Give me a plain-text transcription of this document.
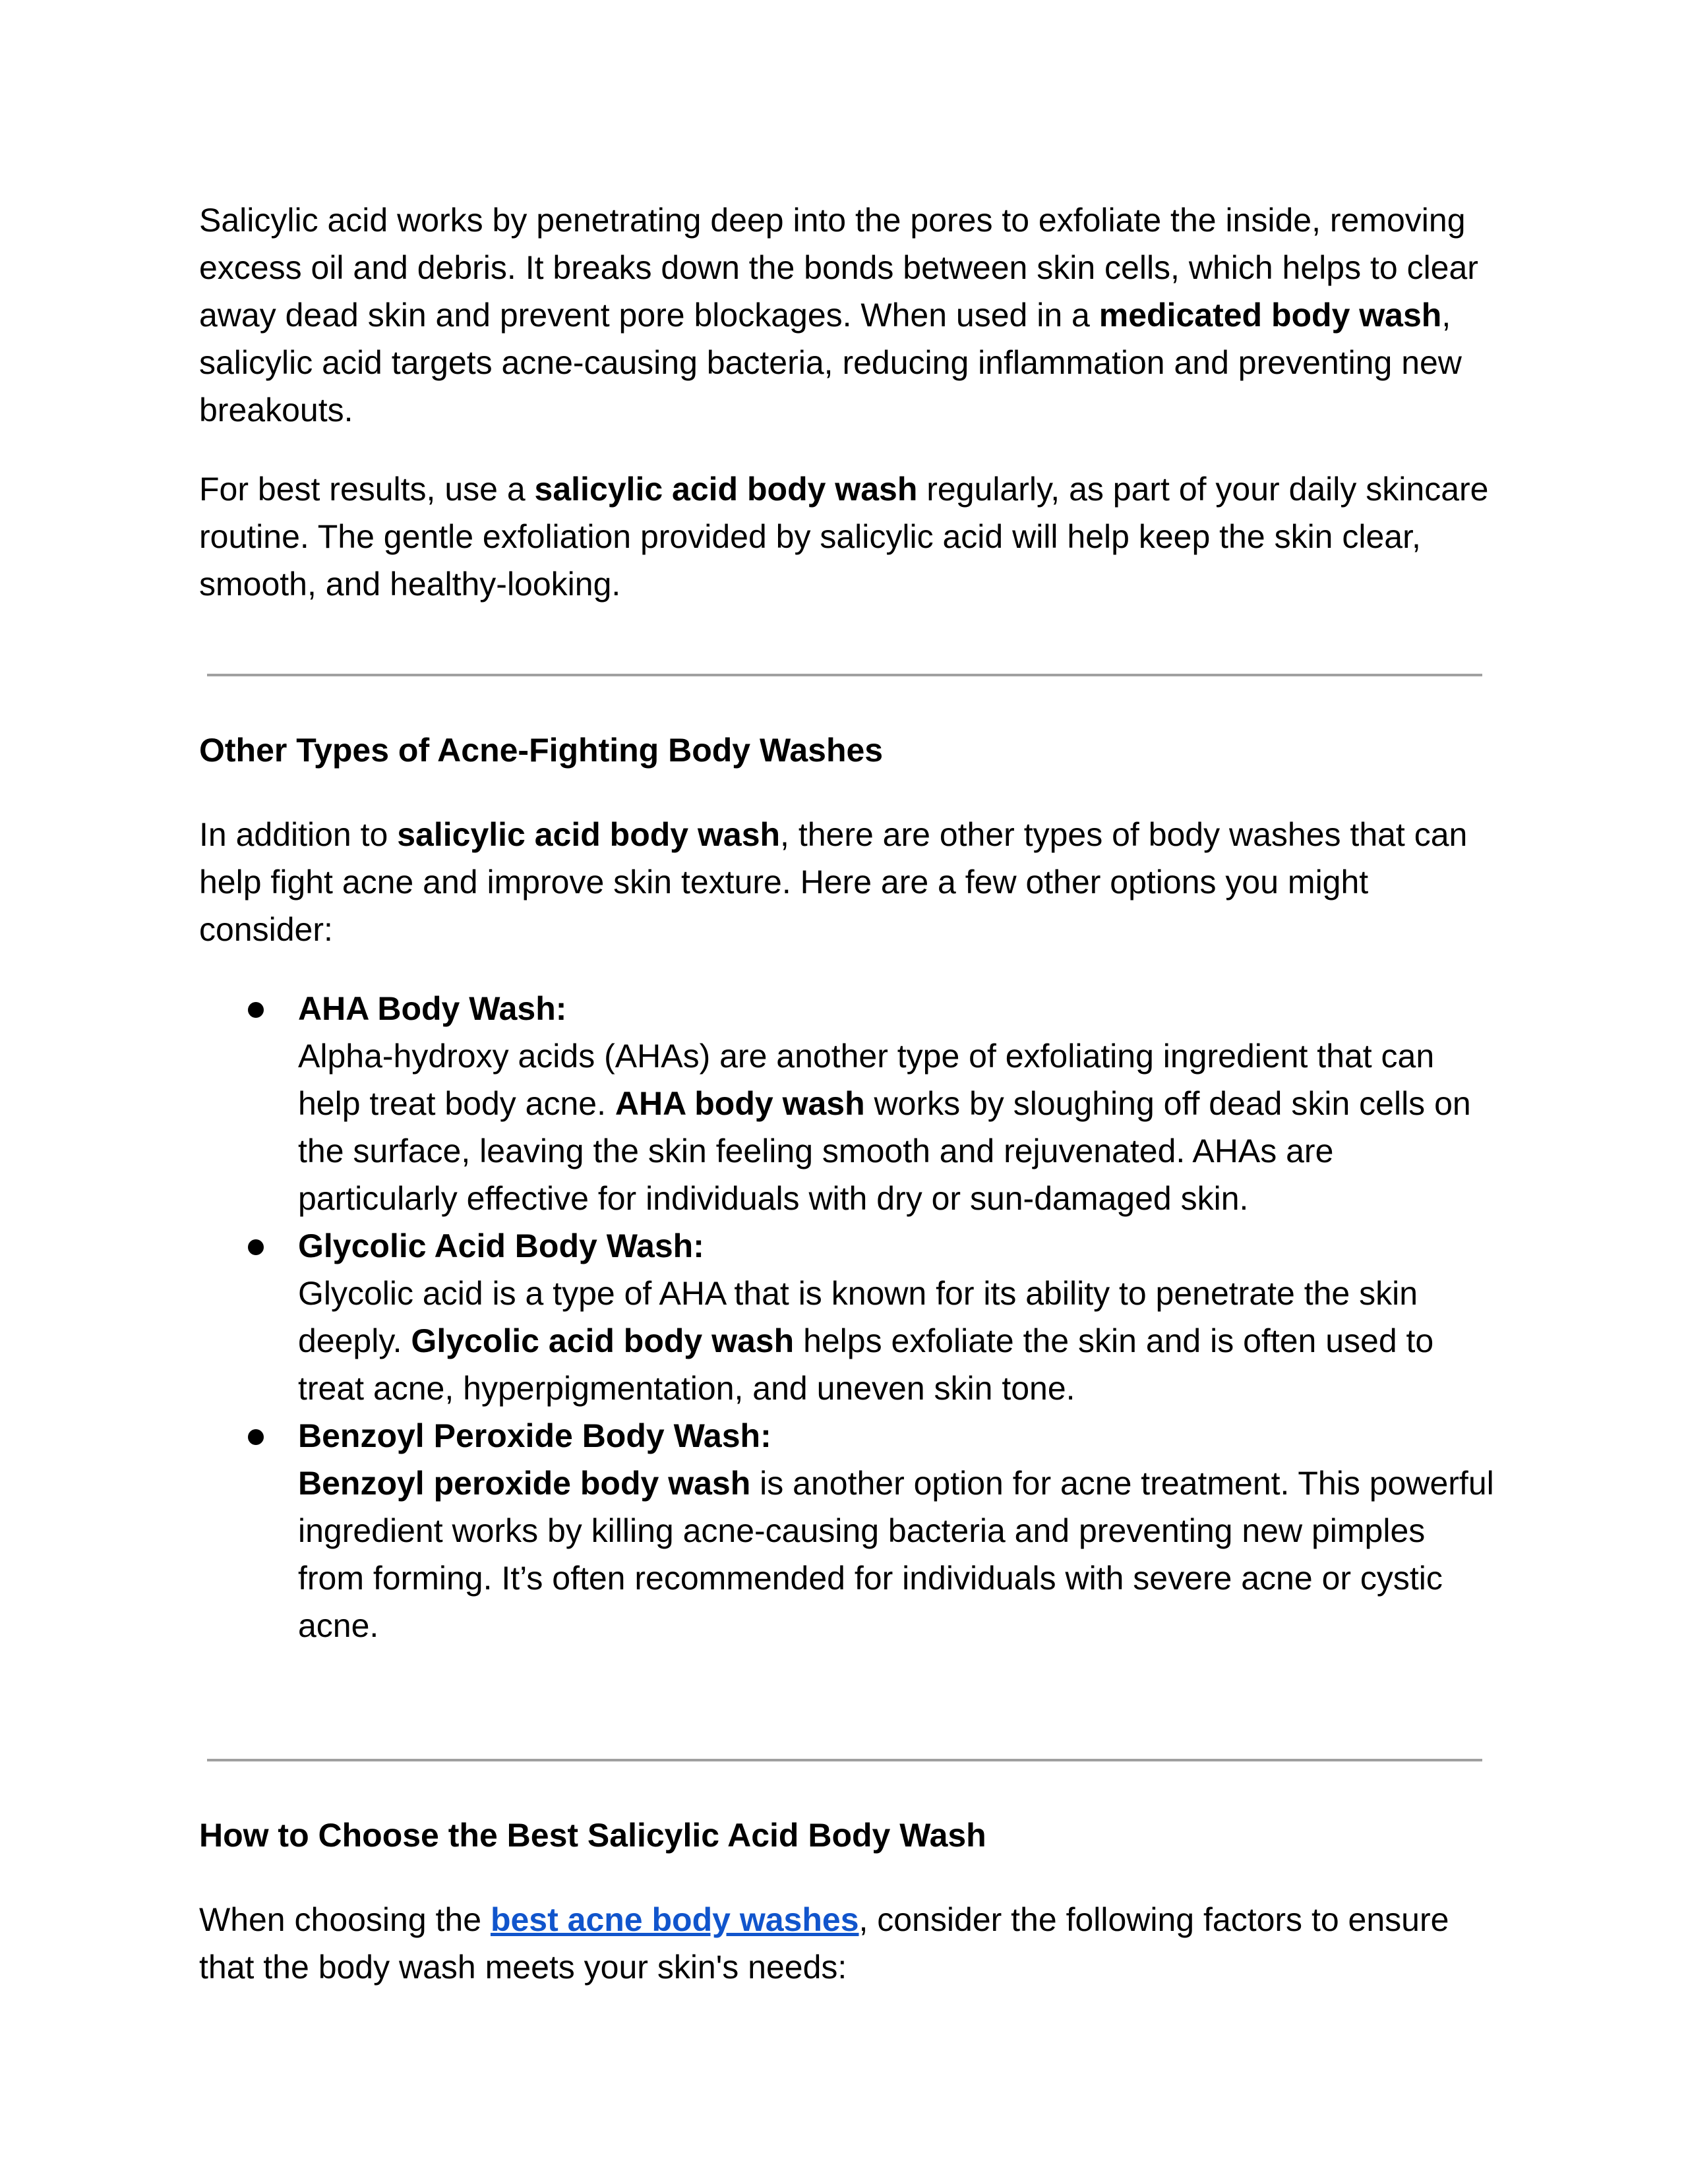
Salicylic acid works by penetrating deep into the pores to exfoliate the inside, removing excess oil and debris. It breaks down the bonds between skin cells, which helps to clear away dead skin and prevent pore blockages. When used in a medicated body wash, salicylic acid targets acne-causing bacteria, reducing inflammation and preventing new breakouts.

For best results, use a salicylic acid body wash regularly, as part of your daily skincare routine. The gentle exfoliation provided by salicylic acid will help keep the skin clear, smooth, and healthy-looking.

Other Types of Acne-Fighting Body Washes

In addition to salicylic acid body wash, there are other types of body washes that can help fight acne and improve skin texture. Here are a few other options you might consider:

AHA Body Wash:
Alpha-hydroxy acids (AHAs) are another type of exfoliating ingredient that can help treat body acne. AHA body wash works by sloughing off dead skin cells on the surface, leaving the skin feeling smooth and rejuvenated. AHAs are particularly effective for individuals with dry or sun-damaged skin.
Glycolic Acid Body Wash:
Glycolic acid is a type of AHA that is known for its ability to penetrate the skin deeply. Glycolic acid body wash helps exfoliate the skin and is often used to treat acne, hyperpigmentation, and uneven skin tone.
Benzoyl Peroxide Body Wash:
Benzoyl peroxide body wash is another option for acne treatment. This powerful ingredient works by killing acne-causing bacteria and preventing new pimples from forming. It’s often recommended for individuals with severe acne or cystic acne.
How to Choose the Best Salicylic Acid Body Wash

When choosing the best acne body washes, consider the following factors to ensure that the body wash meets your skin's needs:
